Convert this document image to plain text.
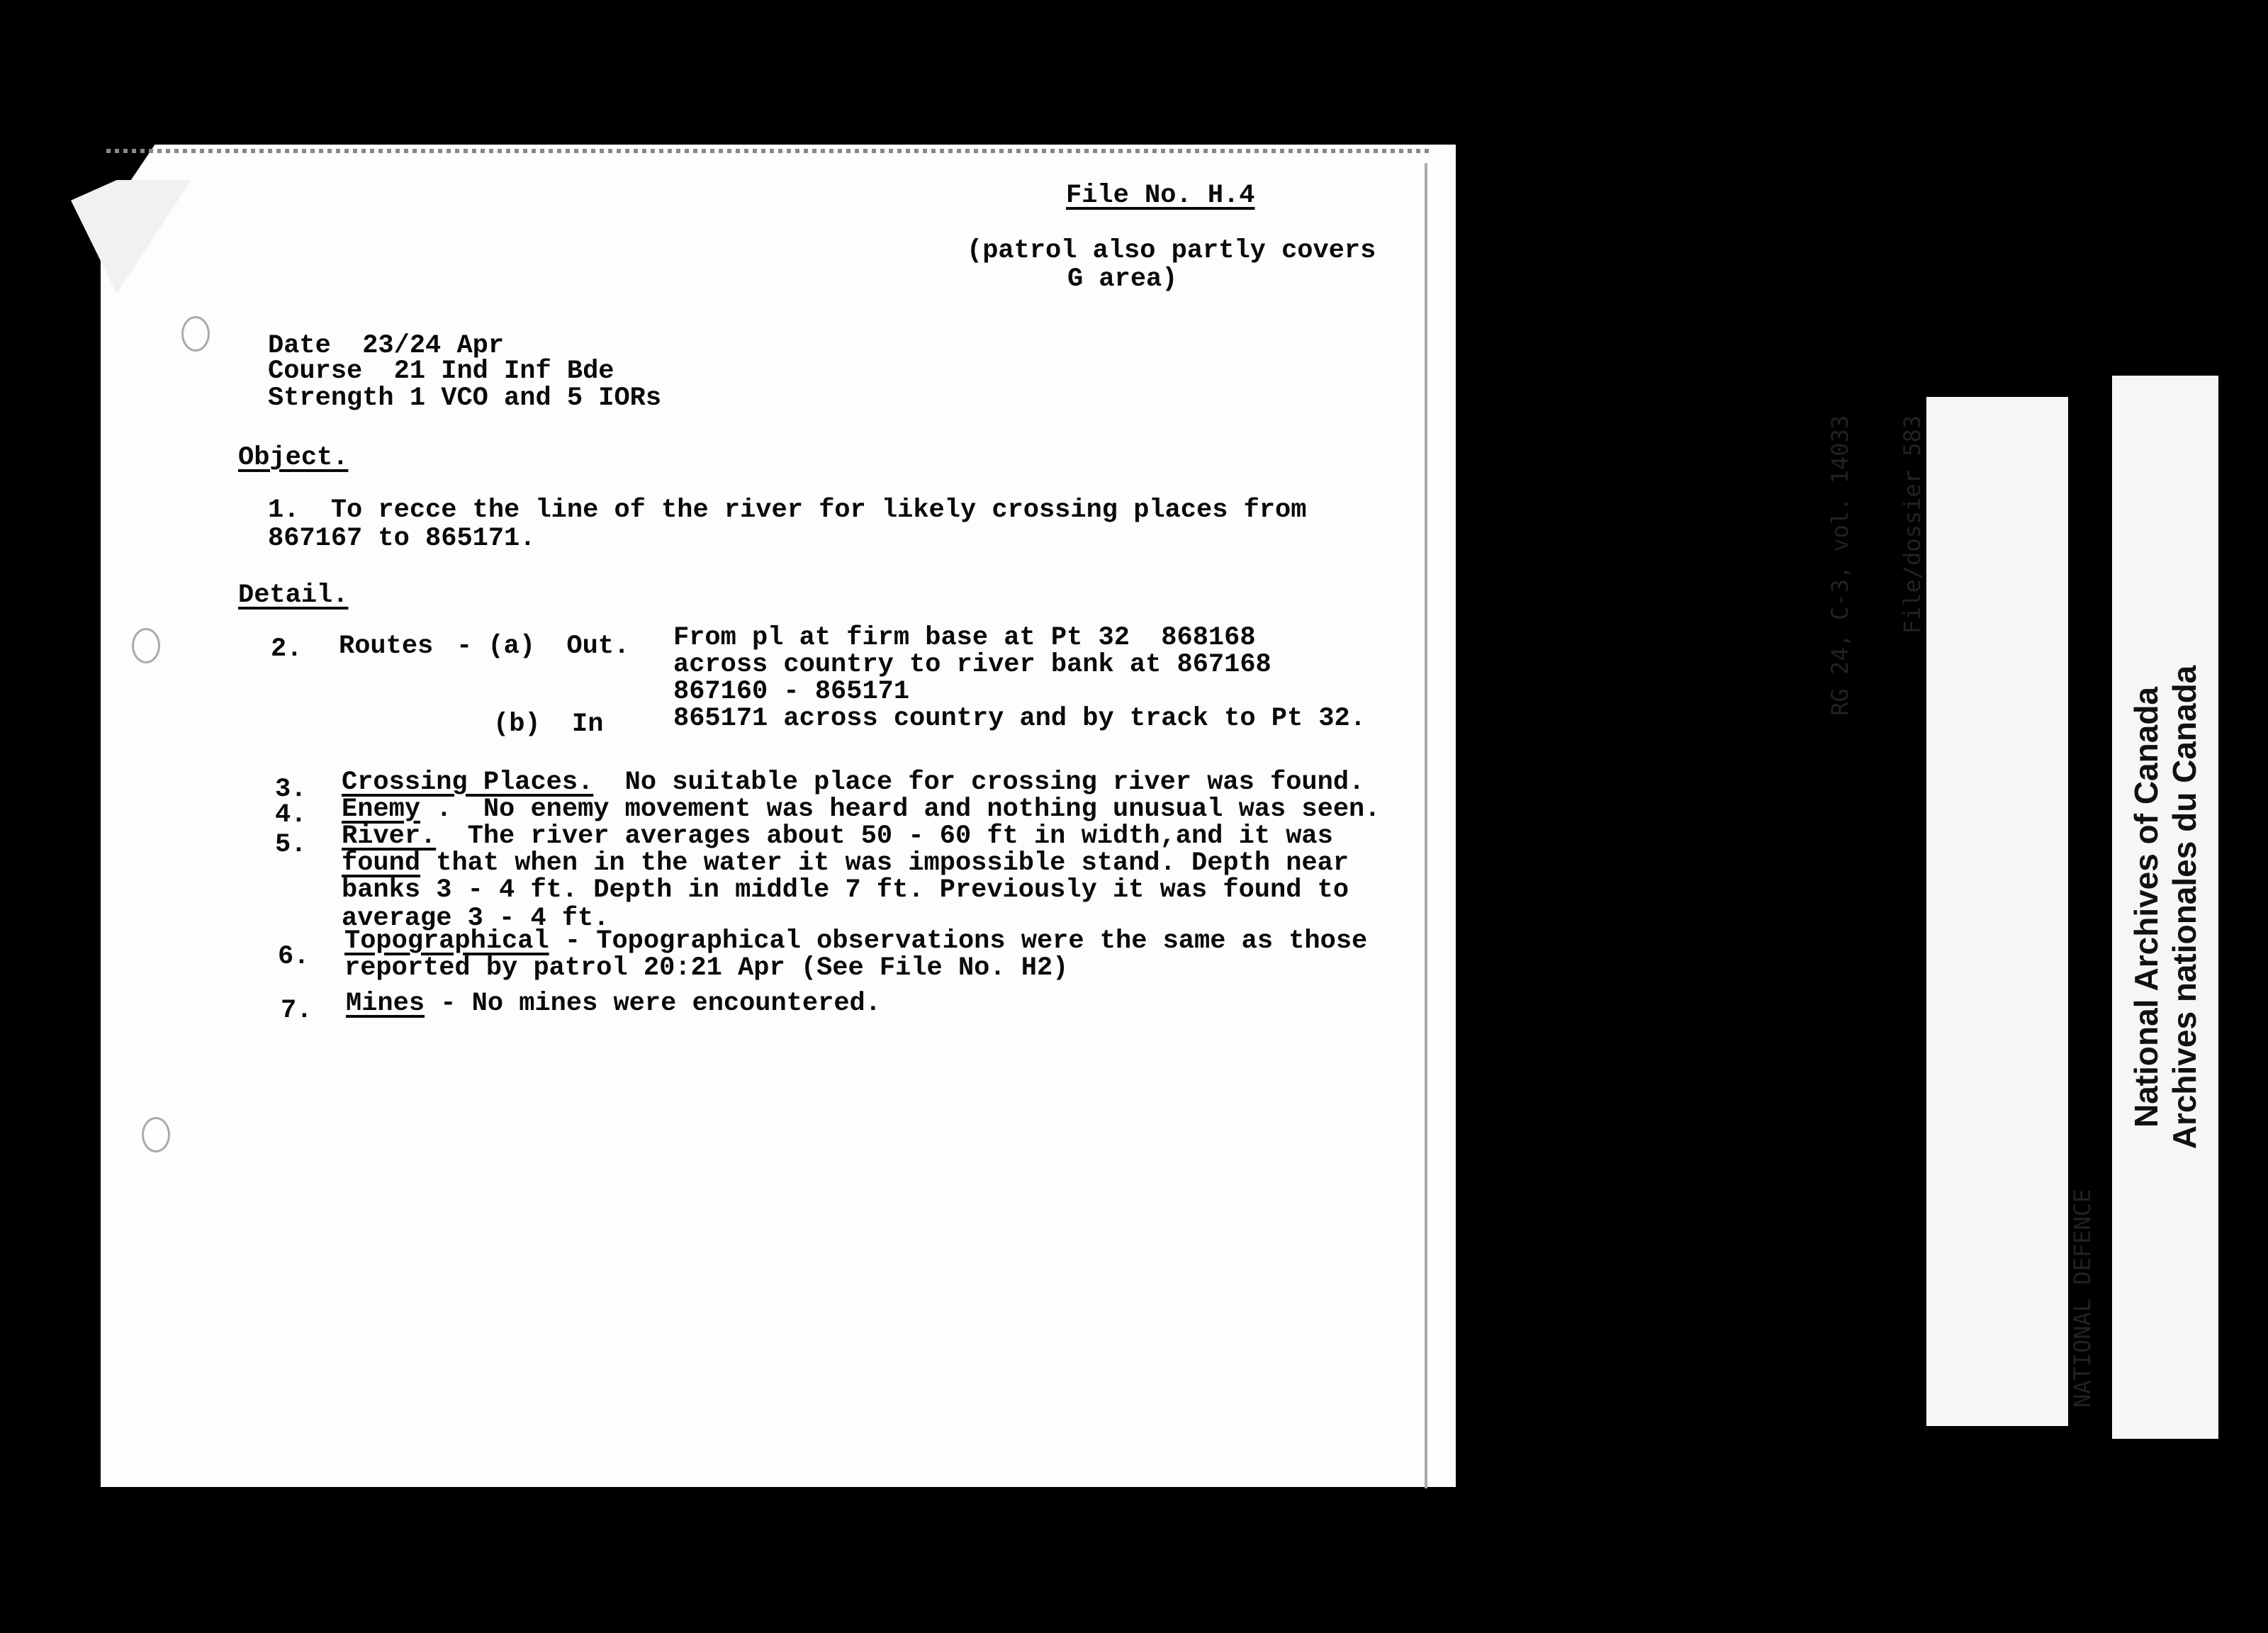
File No. H.4
(patrol also partly covers
G area)
Date  23/24 Apr
Course  21 Ind Inf Bde
Strength 1 VCO and 5 IORs
Object.
1.  To recce the line of the river for likely crossing places from
867167 to 865171.
Detail.
2. Routes - (a)  Out. From pl at firm base at Pt 32  868168
across country to river bank at 867168
867160 - 865171
(b)  In	865171 across country and by track to Pt 32.
3. Crossing Places.  No suitable place for crossing river was found.
4. Enemy .  No enemy movement was heard and nothing unusual was seen.
5. River.  The river averages about 50 - 60 ft in width,and it was
found that when in the water it was impossible stand. Depth near
banks 3 - 4 ft. Depth in middle 7 ft. Previously it was found to
average 3 - 4 ft.
6.
Topographical - Topographical observations were the same as those
reported by patrol 20:21 Apr (See File No. H2)
7. Mines - No mines were encountered.

RG 24, C-3, vol. 14033

File/dossier 583

NATIONAL DEFENCE

National Archives of Canada Archives nationales du Canada
